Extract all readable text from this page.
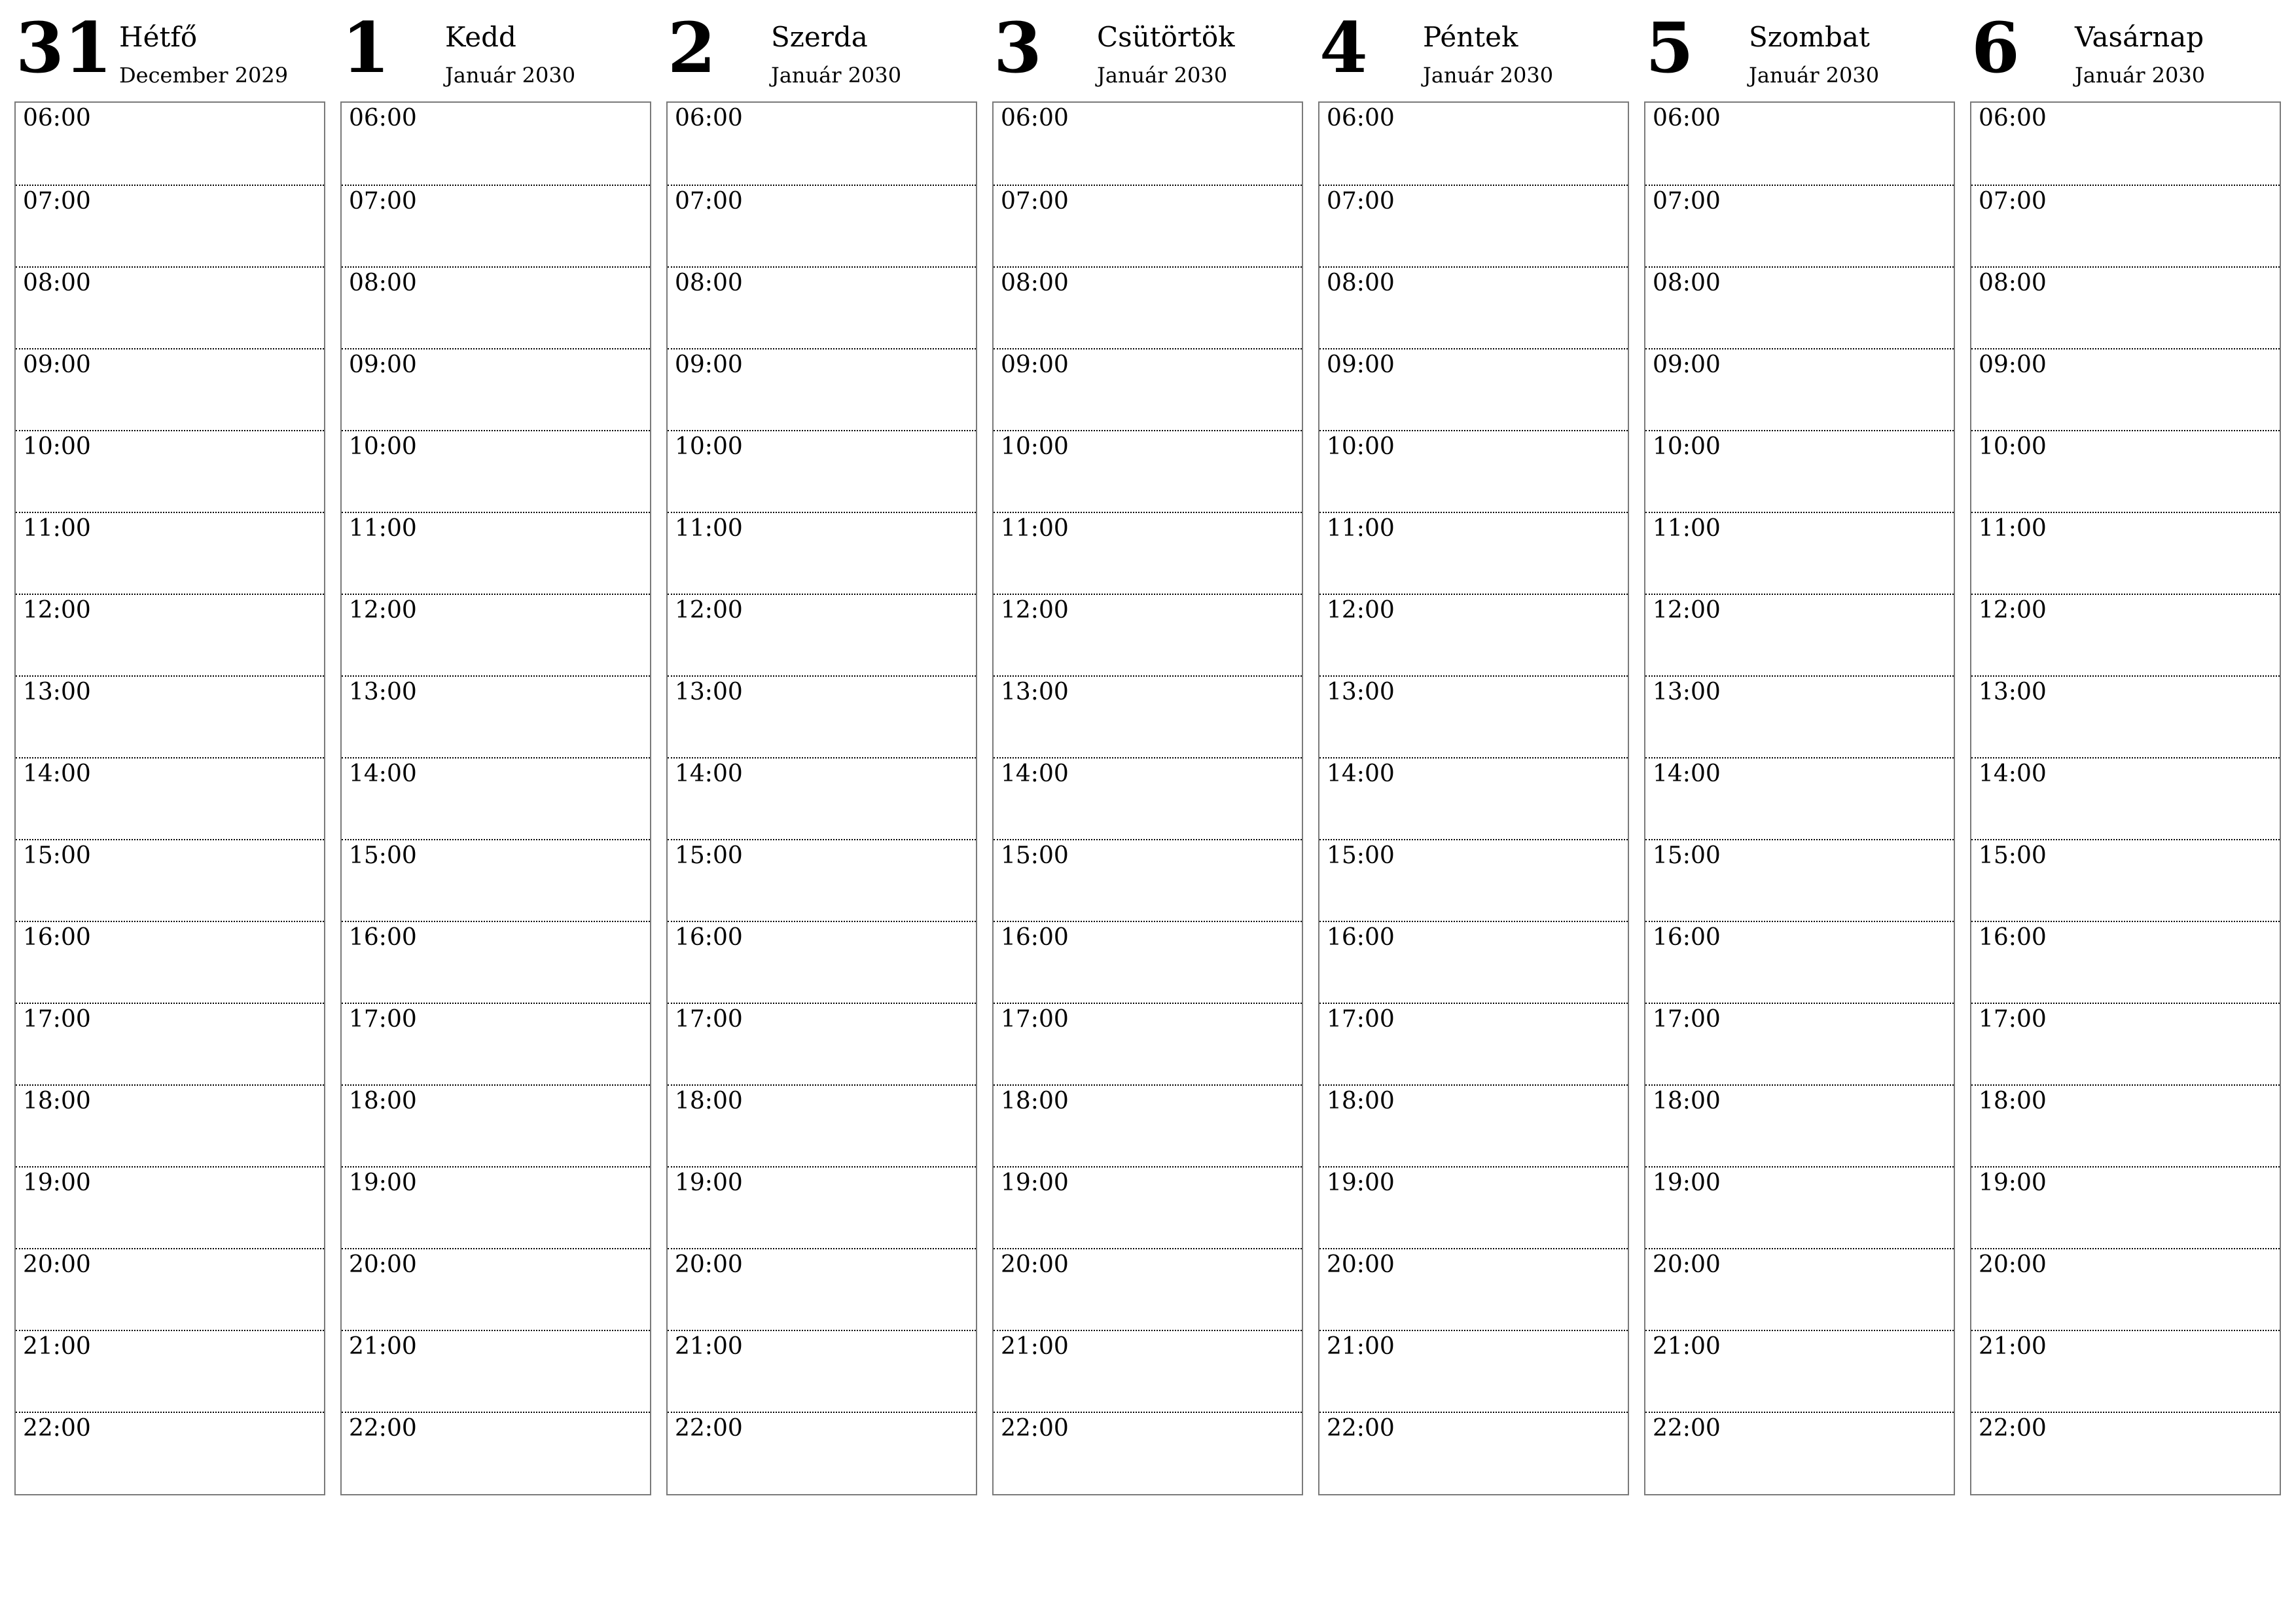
31 Hétfő
December 2029
06:00
07:00
08:00
09:00
10:00
11:00
12:00
13:00
14:00
15:00
16:00
17:00
18:00
19:00
20:00
21:00
22:00
1 Kedd
Január 2030
06:00
07:00
08:00
09:00
10:00
11:00
12:00
13:00
14:00
15:00
16:00
17:00
18:00
19:00
20:00
21:00
22:00
2 Szerda
Január 2030
06:00
07:00
08:00
09:00
10:00
11:00
12:00
13:00
14:00
15:00
16:00
17:00
18:00
19:00
20:00
21:00
22:00
3 Csütörtök
Január 2030
06:00
07:00
08:00
09:00
10:00
11:00
12:00
13:00
14:00
15:00
16:00
17:00
18:00
19:00
20:00
21:00
22:00
4 Péntek
Január 2030
06:00
07:00
08:00
09:00
10:00
11:00
12:00
13:00
14:00
15:00
16:00
17:00
18:00
19:00
20:00
21:00
22:00
5 Szombat
Január 2030
06:00
07:00
08:00
09:00
10:00
11:00
12:00
13:00
14:00
15:00
16:00
17:00
18:00
19:00
20:00
21:00
22:00
6 Vasárnap
Január 2030
06:00
07:00
08:00
09:00
10:00
11:00
12:00
13:00
14:00
15:00
16:00
17:00
18:00
19:00
20:00
21:00
22:00
